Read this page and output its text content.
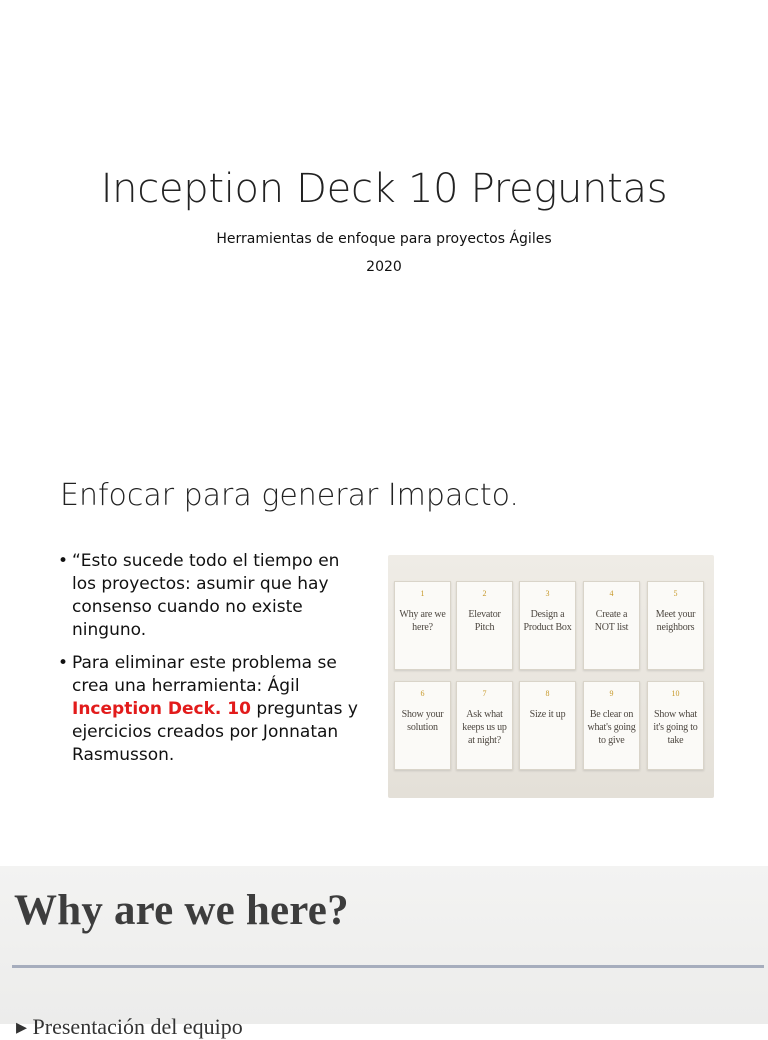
Inception Deck 10 Preguntas
Herramientas de enfoque para proyectos Ágiles
2020
Enfocar para generar Impacto.
• “Esto sucede todo el tiempo en los proyectos: asumir que hay consenso cuando no existe ninguno.
• Para eliminar este problema se crea una herramienta: Ágil Inception Deck. 10 preguntas y ejercicios creados por Jonnatan Rasmusson.
1
Why are we here?
2
Elevator Pitch
3
Design a Product Box
4
Create a NOT list
5
Meet your neighbors
6
Show your solution
7
Ask what keeps us up at night?
8
Size it up
9
Be clear on what's going to give
10
Show what it's going to take
Why are we here?
▸ Presentación del equipo
